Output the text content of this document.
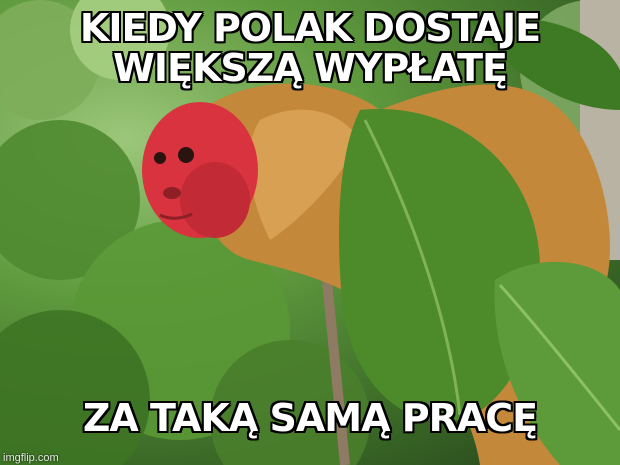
KIEDY POLAK DOSTAJE
WIĘKSZĄ WYPŁATĘ
ZA TAKĄ SAMĄ PRACĘ
imgflip.com
